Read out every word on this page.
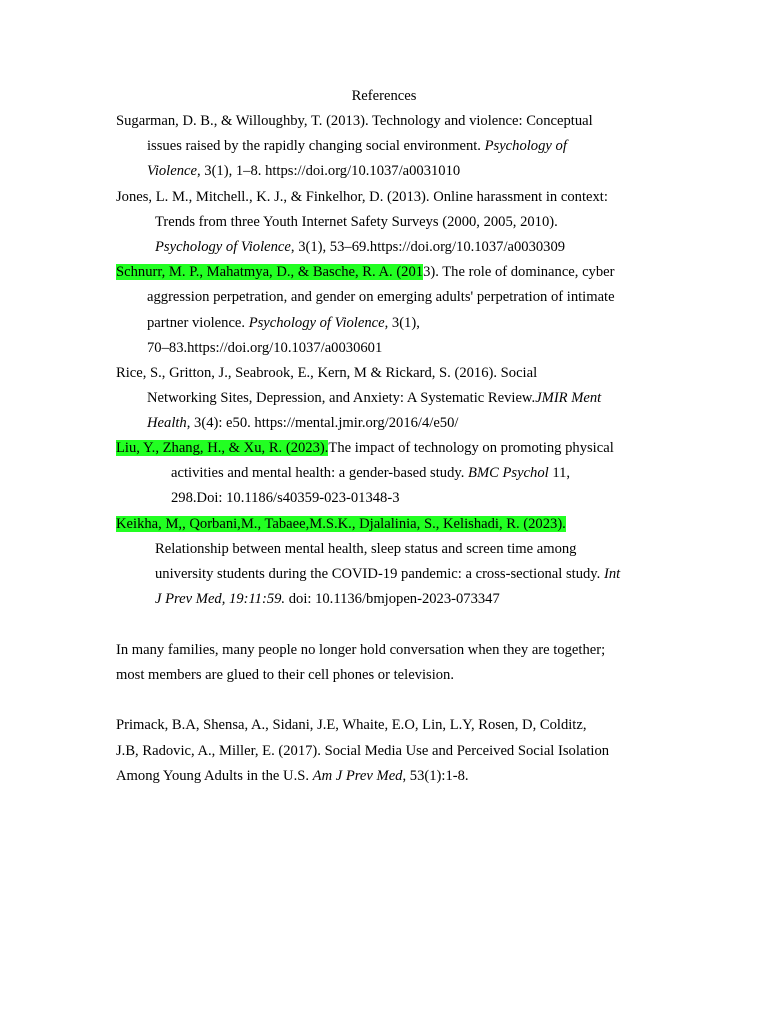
References
Sugarman, D. B., & Willoughby, T. (2013). Technology and violence: Conceptual
issues raised by the rapidly changing social environment. Psychology of
Violence, 3(1), 1–8. https://doi.org/10.1037/a0031010
Jones, L. M., Mitchell., K. J., & Finkelhor, D. (2013). Online harassment in context:
Trends from three Youth Internet Safety Surveys (2000, 2005, 2010).
Psychology of Violence, 3(1), 53–69.https://doi.org/10.1037/a0030309
Schnurr, M. P., Mahatmya, D., & Basche, R. A. (2013). The role of dominance, cyber
aggression perpetration, and gender on emerging adults' perpetration of intimate
partner violence. Psychology of Violence, 3(1),
70–83.https://doi.org/10.1037/a0030601
Rice, S., Gritton, J., Seabrook, E., Kern, M & Rickard, S. (2016). Social
Networking Sites, Depression, and Anxiety: A Systematic Review.JMIR Ment
Health, 3(4): e50. https://mental.jmir.org/2016/4/e50/
Liu, Y., Zhang, H., & Xu, R. (2023).The impact of technology on promoting physical
activities and mental health: a gender-based study. BMC Psychol 11,
298.Doi: 10.1186/s40359-023-01348-3
Keikha, M,, Qorbani,M., Tabaee,M.S.K., Djalalinia, S., Kelishadi, R. (2023).
Relationship between mental health, sleep status and screen time among
university students during the COVID-19 pandemic: a cross-sectional study. Int
J Prev Med, 19:11:59. doi: 10.1136/bmjopen-2023-073347
In many families, many people no longer hold conversation when they are together;
most members are glued to their cell phones or television.
Primack, B.A, Shensa, A., Sidani, J.E, Whaite, E.O, Lin, L.Y, Rosen, D, Colditz,
J.B, Radovic, A., Miller, E. (2017). Social Media Use and Perceived Social Isolation
Among Young Adults in the U.S. Am J Prev Med, 53(1):1-8.
